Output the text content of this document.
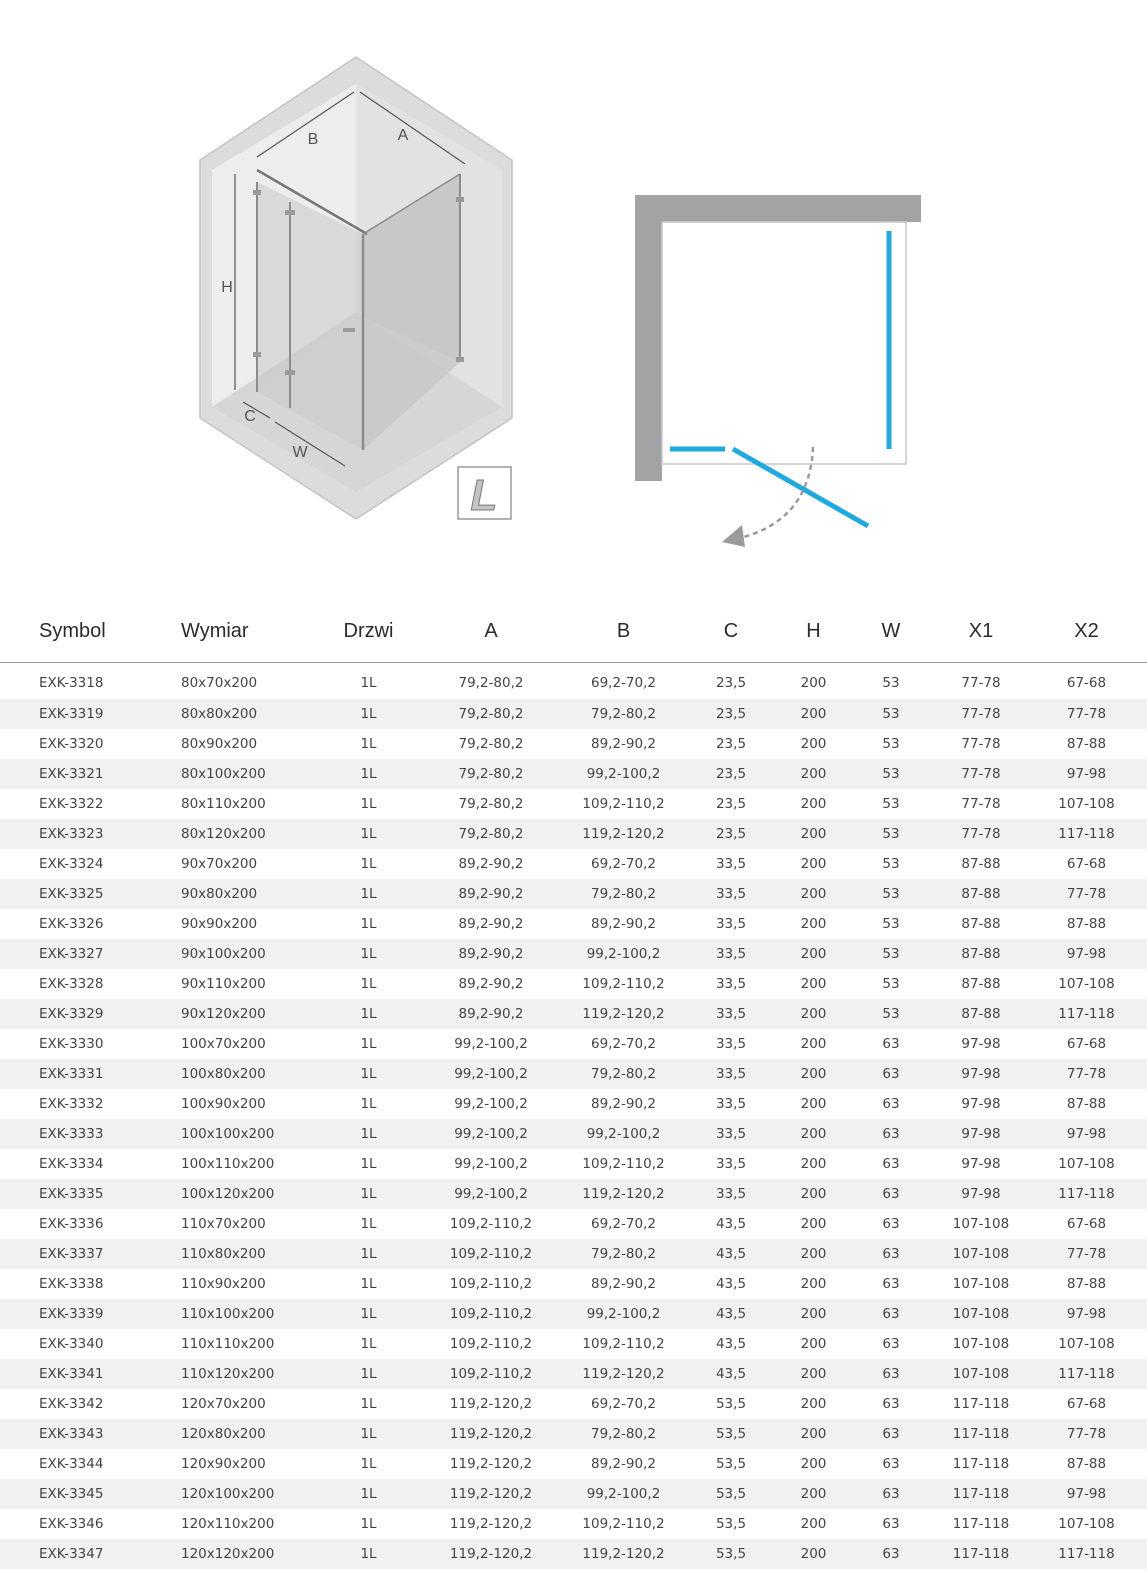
B	A
H
C
W
L
Symbol	Wymiar	Drzwi	A	B	C	H	W	X1	X2
EXK-3318	80x70x200	1L	79,2-80,2	69,2-70,2	23,5	200	53	77-78	67-68
EXK-3319	80x80x200	1L	79,2-80,2	79,2-80,2	23,5	200	53	77-78	77-78
EXK-3320	80x90x200	1L	79,2-80,2	89,2-90,2	23,5	200	53	77-78	87-88
EXK-3321	80x100x200	1L	79,2-80,2	99,2-100,2	23,5	200	53	77-78	97-98
EXK-3322	80x110x200	1L	79,2-80,2	109,2-110,2	23,5	200	53	77-78	107-108
EXK-3323	80x120x200	1L	79,2-80,2	119,2-120,2	23,5	200	53	77-78	117-118
EXK-3324	90x70x200	1L	89,2-90,2	69,2-70,2	33,5	200	53	87-88	67-68
EXK-3325	90x80x200	1L	89,2-90,2	79,2-80,2	33,5	200	53	87-88	77-78
EXK-3326	90x90x200	1L	89,2-90,2	89,2-90,2	33,5	200	53	87-88	87-88
EXK-3327	90x100x200	1L	89,2-90,2	99,2-100,2	33,5	200	53	87-88	97-98
EXK-3328	90x110x200	1L	89,2-90,2	109,2-110,2	33,5	200	53	87-88	107-108
EXK-3329	90x120x200	1L	89,2-90,2	119,2-120,2	33,5	200	53	87-88	117-118
EXK-3330	100x70x200	1L	99,2-100,2	69,2-70,2	33,5	200	63	97-98	67-68
EXK-3331	100x80x200	1L	99,2-100,2	79,2-80,2	33,5	200	63	97-98	77-78
EXK-3332	100x90x200	1L	99,2-100,2	89,2-90,2	33,5	200	63	97-98	87-88
EXK-3333	100x100x200	1L	99,2-100,2	99,2-100,2	33,5	200	63	97-98	97-98
EXK-3334	100x110x200	1L	99,2-100,2	109,2-110,2	33,5	200	63	97-98	107-108
EXK-3335	100x120x200	1L	99,2-100,2	119,2-120,2	33,5	200	63	97-98	117-118
EXK-3336	110x70x200	1L	109,2-110,2	69,2-70,2	43,5	200	63	107-108	67-68
EXK-3337	110x80x200	1L	109,2-110,2	79,2-80,2	43,5	200	63	107-108	77-78
EXK-3338	110x90x200	1L	109,2-110,2	89,2-90,2	43,5	200	63	107-108	87-88
EXK-3339	110x100x200	1L	109,2-110,2	99,2-100,2	43,5	200	63	107-108	97-98
EXK-3340	110x110x200	1L	109,2-110,2	109,2-110,2	43,5	200	63	107-108	107-108
EXK-3341	110x120x200	1L	109,2-110,2	119,2-120,2	43,5	200	63	107-108	117-118
EXK-3342	120x70x200	1L	119,2-120,2	69,2-70,2	53,5	200	63	117-118	67-68
EXK-3343	120x80x200	1L	119,2-120,2	79,2-80,2	53,5	200	63	117-118	77-78
EXK-3344	120x90x200	1L	119,2-120,2	89,2-90,2	53,5	200	63	117-118	87-88
EXK-3345	120x100x200	1L	119,2-120,2	99,2-100,2	53,5	200	63	117-118	97-98
EXK-3346	120x110x200	1L	119,2-120,2	109,2-110,2	53,5	200	63	117-118	107-108
EXK-3347	120x120x200	1L	119,2-120,2	119,2-120,2	53,5	200	63	117-118	117-118
